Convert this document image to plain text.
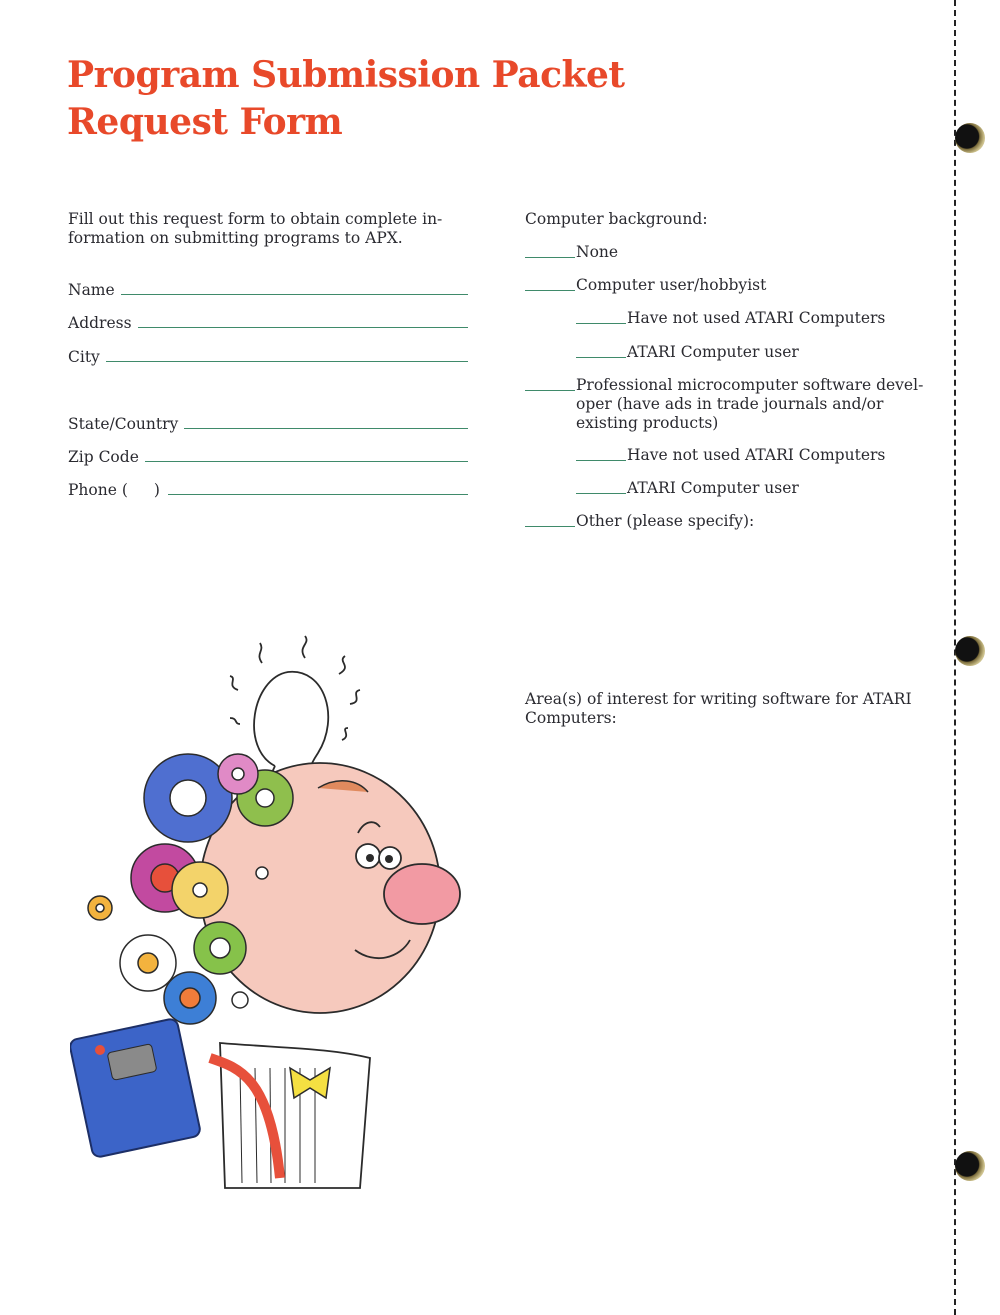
Program Submission Packet
Request Form

Fill out this request form to obtain complete in-formation on submitting programs to APX.

Name
Address
City
State/Country
Zip Code
Phone (	)
Computer background:
None
Computer user/hobbyist
Have not used ATARI Computers
ATARI Computer user
Professional microcomputer software devel-oper (have ads in trade journals and/or existing products)
Have not used ATARI Computers
ATARI Computer user
Other (please specify):
Area(s) of interest for writing software for ATARI Computers:
